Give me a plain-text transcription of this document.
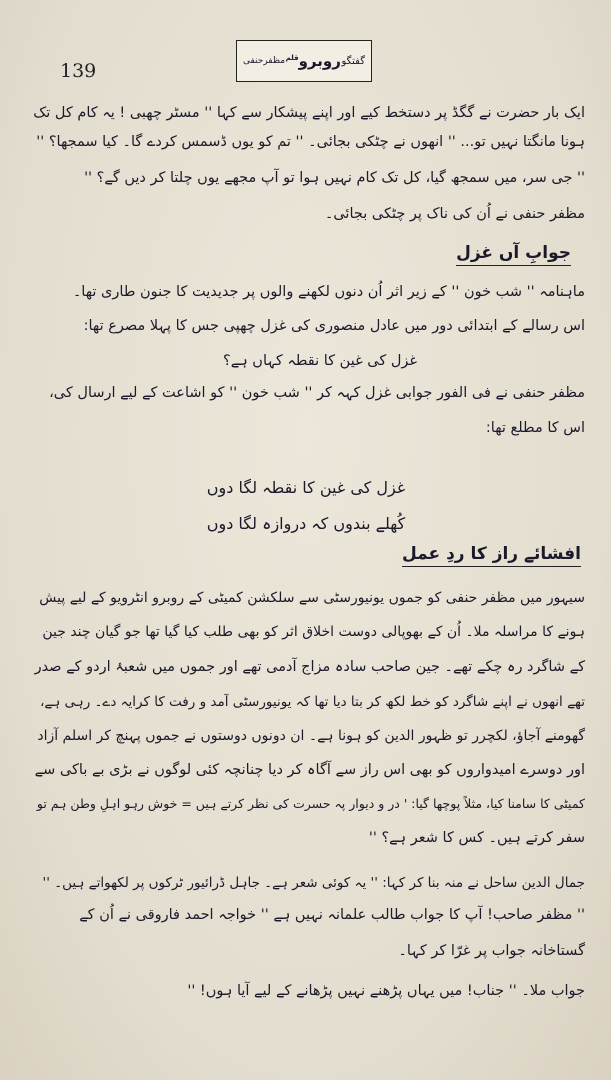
139	گفتگو
روبرو$^{قلم}$
مظفرحنفی
ایک بار حضرت نے گگڈ پر دستخط کیے اور اپنے پیشکار سے کہا '' مسٹر چھبی ! یہ کام کل تک
ہونا مانگتا نہیں تو... '' انھوں نے چٹکی بجائی۔ '' تم کو یوں ڈسمس کردے گا۔ کیا سمجھا؟ ''
'' جی سر، میں سمجھ گیا، کل تک کام نہیں ہوا تو آپ مجھے یوں چلتا کر دیں گے؟ ''
مظفر حنفی نے اُن کی ناک پر چٹکی بجائی۔
جوابِ آں غزل
ماہنامہ '' شب خون '' کے زیر اثر اُن دنوں لکھنے والوں پر جدیدیت کا جنون طاری تھا۔
اس رسالے کے ابتدائی دور میں عادل منصوری کی غزل چھپی جس کا پہلا مصرع تھا:
غزل کی غین کا نقطہ کہاں ہے؟
مظفر حنفی نے فی الفور جوابی غزل کہہ کر '' شب خون '' کو اشاعت کے لیے ارسال کی،
اس کا مطلع تھا:
غزل کی غین کا نقطہ لگا دوں
کُھلے بندوں کہ دروازہ لگا دوں
افشائے راز کا ردِ عمل
سیہور میں مظفر حنفی کو جموں یونیورسٹی سے سلکشن کمیٹی کے روبرو انٹرویو کے لیے پیش
ہونے کا مراسلہ ملا۔ اُن کے بھوپالی دوست اخلاق اثر کو بھی طلب کیا گیا تھا جو گیان چند جین
کے شاگرد رہ چکے تھے۔ جین صاحب سادہ مزاج آدمی تھے اور جموں میں شعبۂ اردو کے صدر
تھے انھوں نے اپنے شاگرد کو خط لکھ کر بتا دیا تھا کہ یونیورسٹی آمد و رفت کا کرایہ دے۔ رہی ہے،
گھومنے آجاؤ، لکچرر تو ظہور الدین کو ہونا ہے۔ ان دونوں دوستوں نے جموں پہنچ کر اسلم آزاد
اور دوسرے امیدواروں کو بھی اس راز سے آگاہ کر دیا چنانچہ کئی لوگوں نے بڑی بے باکی سے
کمیٹی کا سامنا کیا، مثلاً پوچھا گیا: ' در و دیوار پہ حسرت کی نظر کرتے ہیں = خوش رہو اہلِ وطن ہم تو
سفر کرتے ہیں۔ کس کا شعر ہے؟ ''
جمال الدین ساحل نے منہ بنا کر کہا: '' یہ کوئی شعر ہے۔ جاہل ڈرائیور ٹرکوں پر لکھواتے ہیں۔ ''
'' مظفر صاحب! آپ کا جواب طالب علمانہ نہیں ہے '' خواجہ احمد فاروقی نے اُن کے
گستاخانہ جواب پر غرّا کر کہا۔
جواب ملا۔ '' جناب! میں یہاں پڑھنے نہیں پڑھانے کے لیے آیا ہوں! ''
